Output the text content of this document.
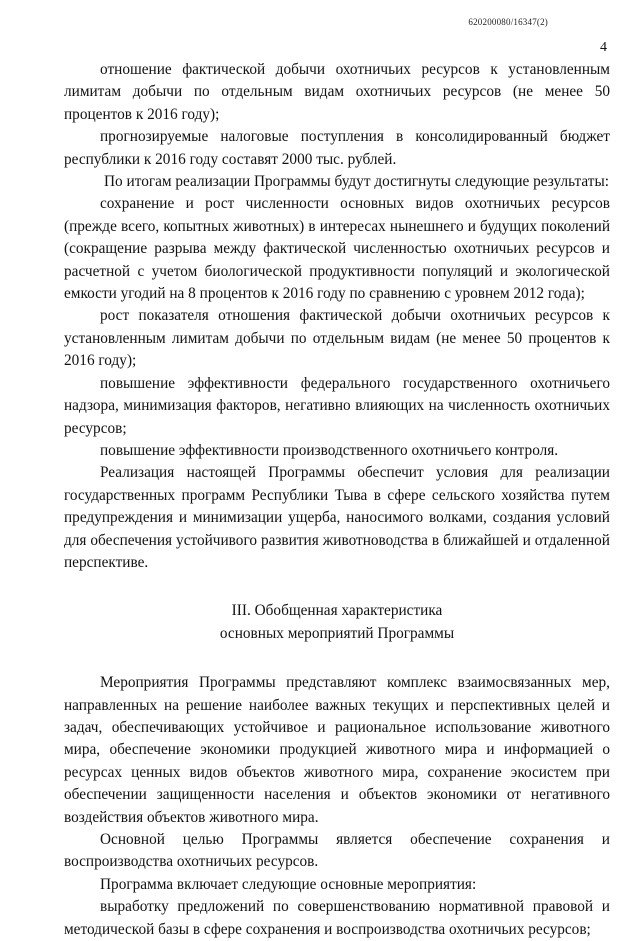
620200080/16347(2)
4

отношение фактической добычи охотничьих ресурсов к установленным лимитам добычи по отдельным видам охотничьих ресурсов (не менее 50 процентов к 2016 году);

прогнозируемые налоговые поступления в консолидированный бюджет республики к 2016 году составят 2000 тыс. рублей.

По итогам реализации Программы будут достигнуты следующие результаты:

сохранение и рост численности основных видов охотничьих ресурсов (прежде всего, копытных животных) в интересах нынешнего и будущих поколений (сокращение разрыва между фактической численностью охотничьих ресурсов и расчетной с учетом биологической продуктивности популяций и экологической емкости угодий на 8 процентов к 2016 году по сравнению с уровнем 2012 года);

рост показателя отношения фактической добычи охотничьих ресурсов к установленным лимитам добычи по отдельным видам (не менее 50 процентов к 2016 году);

повышение эффективности федерального государственного охотничьего надзора, минимизация факторов, негативно влияющих на численность охотничьих ресурсов;

повышение эффективности производственного охотничьего контроля.

Реализация настоящей Программы обеспечит условия для реализации государственных программ Республики Тыва в сфере сельского хозяйства путем предупреждения и минимизации ущерба, наносимого волками, создания условий для обеспечения устойчивого развития животноводства в ближайшей и отдаленной перспективе.

III. Обобщенная характеристика

основных мероприятий Программы

Мероприятия Программы представляют комплекс взаимосвязанных мер, направленных на решение наиболее важных текущих и перспективных целей и задач, обеспечивающих устойчивое и рациональное использование животного мира, обеспечение экономики продукцией животного мира и информацией о ресурсах ценных видов объектов животного мира, сохранение экосистем при обеспечении защищенности населения и объектов экономики от негативного воздействия объектов животного мира.

Основной целью Программы является обеспечение сохранения и воспроизводства охотничьих ресурсов.

Программа включает следующие основные мероприятия:

выработку предложений по совершенствованию нормативной правовой и методической базы в сфере сохранения и воспроизводства охотничьих ресурсов;
